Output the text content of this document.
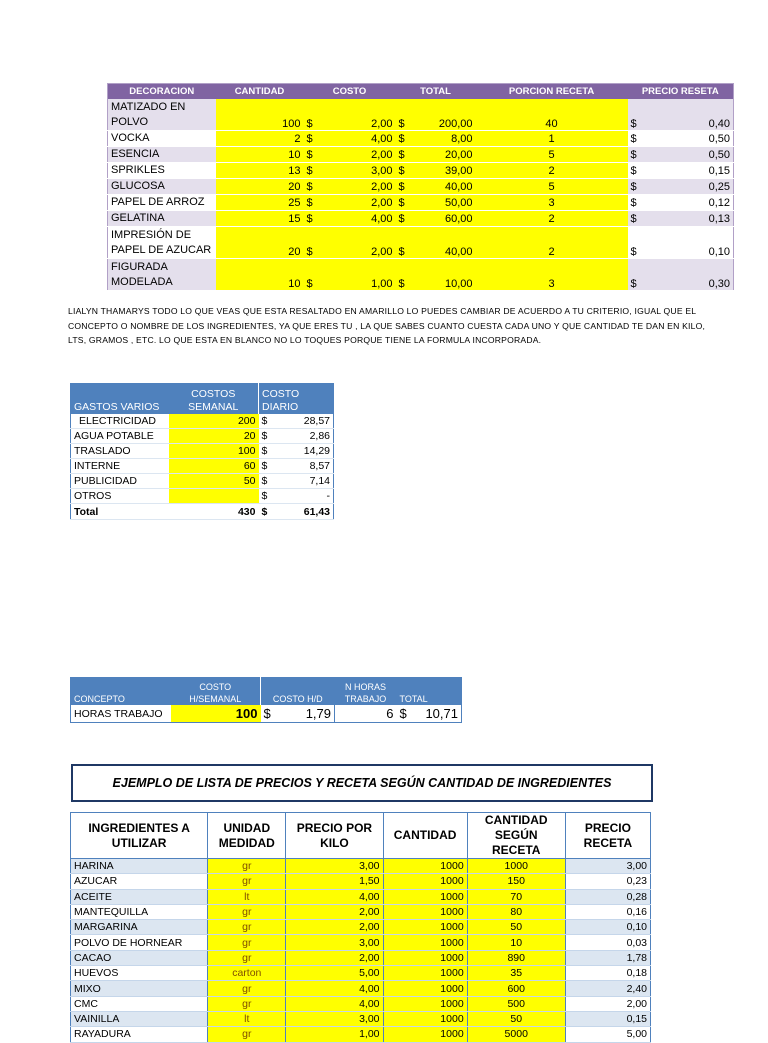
DECORACION	CANTIDAD	COSTO		TOTAL		PORCION RECETA	PRECIO RESETA	
MATIZADO EN POLVO	100	$	2,00	$	200,00	40	$	0,40
VOCKA	2	$	4,00	$	8,00	1	$	0,50
ESENCIA	10	$	2,00	$	20,00	5	$	0,50
SPRIKLES	13	$	3,00	$	39,00	2	$	0,15
GLUCOSA	20	$	2,00	$	40,00	5	$	0,25
PAPEL DE ARROZ	25	$	2,00	$	50,00	3	$	0,12
GELATINA	15	$	4,00	$	60,00	2	$	0,13
IMPRESIÓN DE PAPEL DE AZUCAR	20	$	2,00	$	40,00	2	$	0,10
FIGURADA MODELADA	10	$	1,00	$	10,00	3	$	0,30
LIALYN THAMARYS TODO LO QUE VEAS QUE ESTA RESALTADO EN AMARILLO LO PUEDES CAMBIAR DE ACUERDO A TU CRITERIO, IGUAL QUE EL CONCEPTO O NOMBRE DE LOS INGREDIENTES, YA QUE ERES TU , LA QUE SABES CUANTO CUESTA CADA UNO Y QUE CANTIDAD TE DAN EN KILO, LTS, GRAMOS , ETC. LO QUE ESTA EN BLANCO NO LO TOQUES PORQUE TIENE LA FORMULA INCORPORADA.
GASTOS VARIOS	COSTOS SEMANAL	COSTO DIARIO	
ELECTRICIDAD	200	$	28,57
AGUA POTABLE	20	$	2,86
TRASLADO	100	$	14,29
INTERNE	60	$	8,57
PUBLICIDAD	50	$	7,14
OTROS		$	-
Total	430	$	61,43
CONCEPTO	COSTO H/SEMANAL	COSTO H/D		N HORAS TRABAJO	TOTAL	
HORAS TRABAJO	100	$	1,79	6	$	10,71
EJEMPLO DE LISTA DE PRECIOS Y RECETA SEGÚN CANTIDAD DE INGREDIENTES
INGREDIENTES A UTILIZAR	UNIDAD MEDIDAD	PRECIO POR KILO	CANTIDAD	CANTIDAD SEGÚN RECETA	PRECIO RECETA
HARINA	gr	3,00	1000	1000	3,00
AZUCAR	gr	1,50	1000	150	0,23
ACEITE	lt	4,00	1000	70	0,28
MANTEQUILLA	gr	2,00	1000	80	0,16
MARGARINA	gr	2,00	1000	50	0,10
POLVO DE HORNEAR	gr	3,00	1000	10	0,03
CACAO	gr	2,00	1000	890	1,78
HUEVOS	carton	5,00	1000	35	0,18
MIXO	gr	4,00	1000	600	2,40
CMC	gr	4,00	1000	500	2,00
VAINILLA	lt	3,00	1000	50	0,15
RAYADURA	gr	1,00	1000	5000	5,00
